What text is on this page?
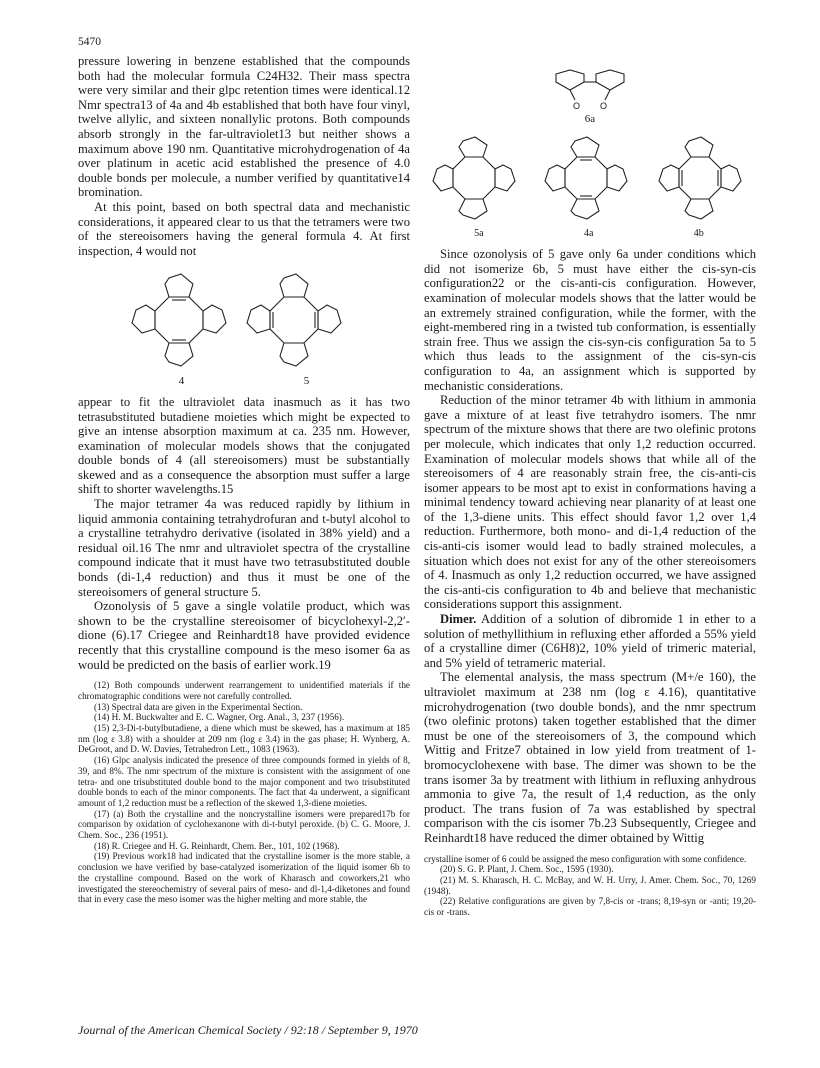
5470

pressure lowering in benzene established that the compounds both had the molecular formula C24H32. Their mass spectra were very similar and their glpc retention times were identical.12 Nmr spectra13 of 4a and 4b established that both have four vinyl, twelve allylic, and sixteen nonallylic protons. Both compounds absorb strongly in the far-ultraviolet13 but neither shows a maximum above 190 nm. Quantitative microhydrogenation of 4a over platinum in acetic acid established the presence of 4.0 double bonds per molecule, a number verified by quantitative14 bromination.

At this point, based on both spectral data and mechanistic considerations, it appeared clear to us that the tetramers were two of the stereoisomers having the general formula 4. At first inspection, 4 would not

4	5

appear to fit the ultraviolet data inasmuch as it has two tetrasubstituted butadiene moieties which might be expected to give an intense absorption maximum at ca. 235 nm. However, examination of molecular models shows that the conjugated double bonds of 4 (all stereoisomers) must be substantially skewed and as a consequence the absorption must suffer a large shift to shorter wavelengths.15

The major tetramer 4a was reduced rapidly by lithium in liquid ammonia containing tetrahydrofuran and t-butyl alcohol to a crystalline tetrahydro derivative (isolated in 38% yield) and a residual oil.16 The nmr and ultraviolet spectra of the crystalline compound indicate that it must have two tetrasubstituted double bonds (di-1,4 reduction) and thus it must be one of the stereoisomers of general structure 5.

Ozonolysis of 5 gave a single volatile product, which was shown to be the crystalline stereoisomer of bicyclohexyl-2,2′-dione (6).17 Criegee and Reinhardt18 have provided evidence recently that this crystalline compound is the meso isomer 6a as would be predicted on the basis of earlier work.19

(12) Both compounds underwent rearrangement to unidentified materials if the chromatographic conditions were not carefully controlled.

(13) Spectral data are given in the Experimental Section.

(14) H. M. Buckwalter and E. C. Wagner, Org. Anal., 3, 237 (1956).

(15) 2,3-Di-t-butylbutadiene, a diene which must be skewed, has a maximum at 185 nm (log ε 3.8) with a shoulder at 209 nm (log ε 3.4) in the gas phase; H. Wynberg, A. DeGroot, and D. W. Davies, Tetrahedron Lett., 1083 (1963).

(16) Glpc analysis indicated the presence of three compounds formed in yields of 8, 39, and 8%. The nmr spectrum of the mixture is consistent with the assignment of one tetra- and one trisubstituted double bond to the major component and two trisubstituted double bonds to each of the minor components. The fact that 4a underwent, a significant amount of 1,2 reduction must be a reflection of the skewed 1,3-diene moieties.

(17) (a) Both the crystalline and the noncrystalline isomers were prepared17b for comparison by oxidation of cyclohexanone with di-t-butyl peroxide. (b) C. G. Moore, J. Chem. Soc., 236 (1951).

(18) R. Criegee and H. G. Reinhardt, Chem. Ber., 101, 102 (1968).

(19) Previous work18 had indicated that the crystalline isomer is the more stable, a conclusion we have verified by base-catalyzed isomerization of the liquid isomer 6b to the crystalline compound. Based on the work of Kharasch and coworkers,21 who investigated the stereochemistry of several pairs of meso- and dl-1,4-diketones and found that in every case the meso isomer was the higher melting and more stable, the

O O
6a
5a	4a	4b

Since ozonolysis of 5 gave only 6a under conditions which did not isomerize 6b, 5 must have either the cis-syn-cis configuration22 or the cis-anti-cis configuration. However, examination of molecular models shows that the latter would be an extremely strained configuration, while the former, with the eight-membered ring in a twisted tub conformation, is essentially strain free. Thus we assign the cis-syn-cis configuration 5a to 5 which thus leads to the assignment of the cis-syn-cis configuration to 4a, an assignment which is supported by mechanistic considerations.

Reduction of the minor tetramer 4b with lithium in ammonia gave a mixture of at least five tetrahydro isomers. The nmr spectrum of the mixture shows that there are two olefinic protons per molecule, which indicates that only 1,2 reduction occurred. Examination of molecular models shows that while all of the stereoisomers of 4 are reasonably strain free, the cis-anti-cis isomer appears to be most apt to exist in conformations having a minimal tendency toward achieving near planarity of at least one of the 1,3-diene units. This effect should favor 1,2 over 1,4 reduction. Furthermore, both mono- and di-1,4 reduction of the cis-anti-cis isomer would lead to badly strained molecules, a situation which does not exist for any of the other stereoisomers of 4. Inasmuch as only 1,2 reduction occurred, we have assigned the cis-anti-cis configuration to 4b and believe that mechanistic considerations support this assignment.

Dimer. Addition of a solution of dibromide 1 in ether to a solution of methyllithium in refluxing ether afforded a 55% yield of a crystalline dimer (C6H8)2, 10% yield of trimeric material, and 5% yield of tetrameric material.

The elemental analysis, the mass spectrum (M+/e 160), the ultraviolet maximum at 238 nm (log ε 4.16), quantitative microhydrogenation (two double bonds), and the nmr spectrum (two olefinic protons) taken together established that the dimer must be one of the stereoisomers of 3, the compound which Wittig and Fritze7 obtained in low yield from treatment of 1-bromocyclohexene with base. The dimer was shown to be the trans isomer 3a by treatment with lithium in refluxing anhydrous ammonia to give 7a, the result of 1,4 reduction, as the only product. The trans fusion of 7a was established by spectral comparison with the cis isomer 7b.23 Subsequently, Criegee and Reinhardt18 have reduced the dimer obtained by Wittig

crystalline isomer of 6 could be assigned the meso configuration with some confidence.

(20) S. G. P. Plant, J. Chem. Soc., 1595 (1930).

(21) M. S. Kharasch, H. C. McBay, and W. H. Urry, J. Amer. Chem. Soc., 70, 1269 (1948).

(22) Relative configurations are given by 7,8-cis or -trans; 8,19-syn or -anti; 19,20-cis or -trans.

Journal of the American Chemical Society / 92:18 / September 9, 1970
